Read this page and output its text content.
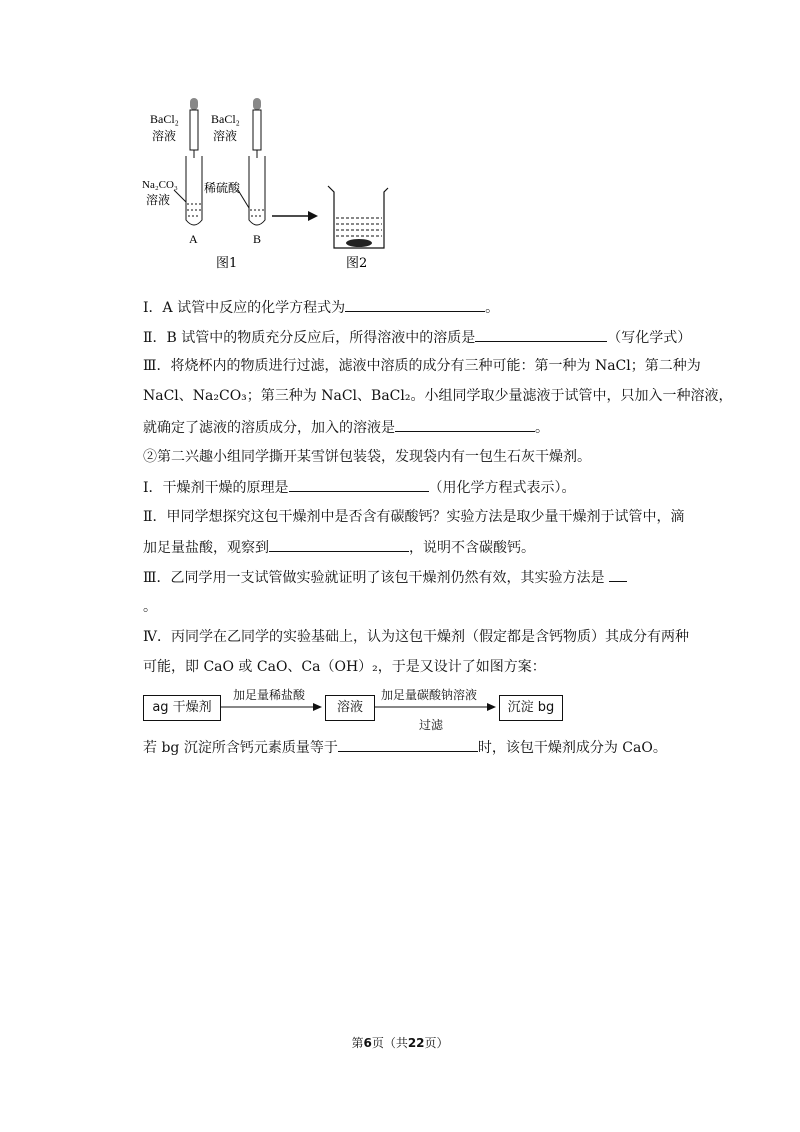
BaCl₂
溶液
BaCl₂
溶液
Na₂CO₃
溶液
稀硫酸
A	B
图1	图2
Ⅰ．A 试管中反应的化学方程式为	。
Ⅱ．B 试管中的物质充分反应后，所得溶液中的溶质是	（写化学式）
Ⅲ．将烧杯内的物质进行过滤，滤液中溶质的成分有三种可能：第一种为 NaCl；第二种为
NaCl、Na₂CO₃；第三种为 NaCl、BaCl₂。小组同学取少量滤液于试管中，只加入一种溶液，
就确定了滤液的溶质成分，加入的溶液是	。
②第二兴趣小组同学撕开某雪饼包装袋，发现袋内有一包生石灰干燥剂。
Ⅰ．干燥剂干燥的原理是	（用化学方程式表示）。
Ⅱ．甲同学想探究这包干燥剂中是否含有碳酸钙？实验方法是取少量干燥剂于试管中，滴
加足量盐酸，观察到	，说明不含碳酸钙。
Ⅲ．乙同学用一支试管做实验就证明了该包干燥剂仍然有效，其实验方法是
。
Ⅳ．丙同学在乙同学的实验基础上，认为这包干燥剂（假定都是含钙物质）其成分有两种
可能，即 CaO 或 CaO、Ca（OH）₂，于是又设计了如图方案：
ag 干燥剂
加足量稀盐酸
溶液
加足量碳酸钠溶液
过滤
沉淀 bg
若 bg 沉淀所含钙元素质量等于	时，该包干燥剂成分为 CaO。
第6页（共22页）
